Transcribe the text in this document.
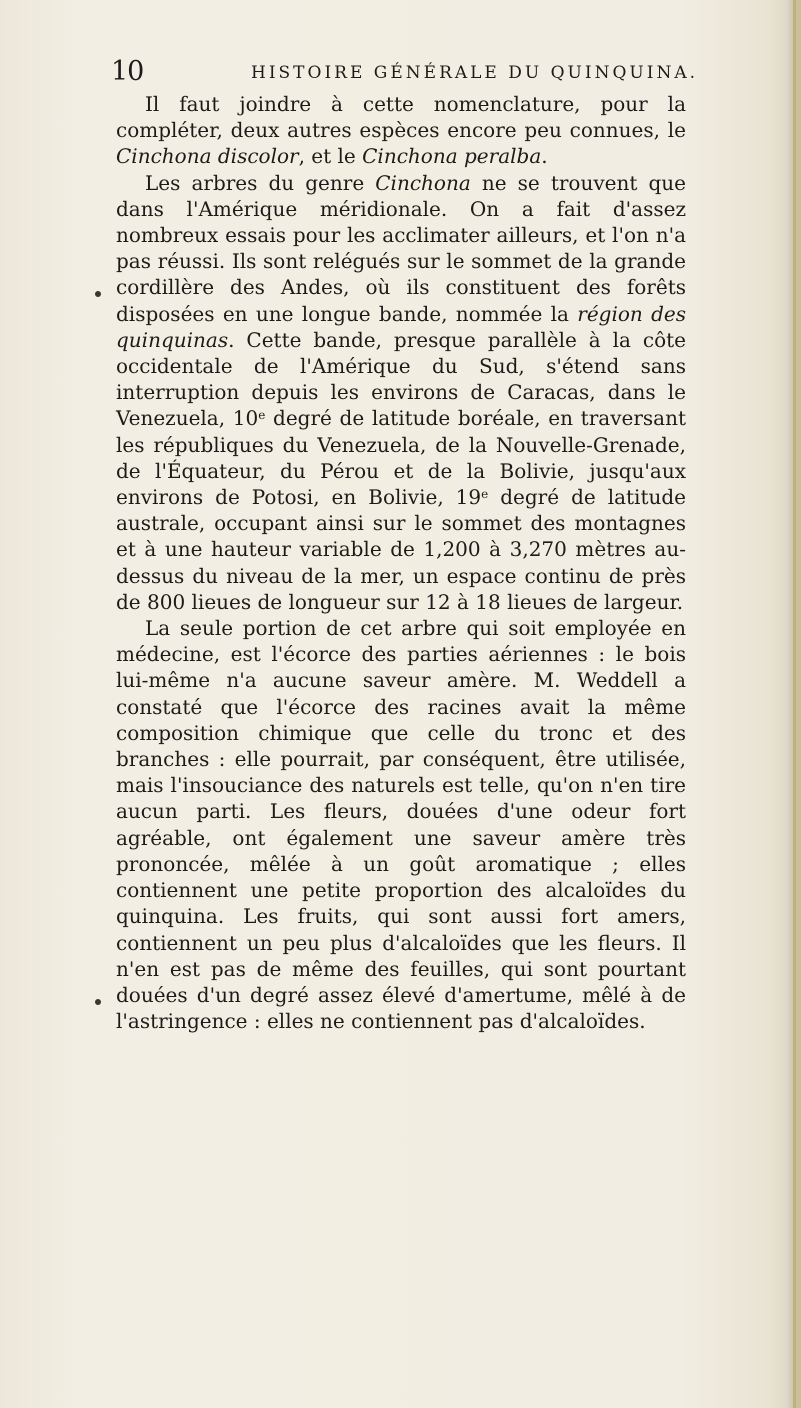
10	HISTOIRE GÉNÉRALE DU QUINQUINA.

Il faut joindre à cette nomenclature, pour la compléter, deux autres espèces encore peu connues, le Cinchona discolor, et le Cinchona peralba.

Les arbres du genre Cinchona ne se trouvent que dans l'Amérique méridionale. On a fait d'assez nombreux essais pour les acclimater ailleurs, et l'on n'a pas réussi. Ils sont relégués sur le sommet de la grande cordillère des Andes, où ils constituent des forêts disposées en une longue bande, nommée la région des quinquinas. Cette bande, presque parallèle à la côte occidentale de l'Amérique du Sud, s'étend sans interruption depuis les environs de Caracas, dans le Venezuela, 10e degré de latitude boréale, en traversant les républiques du Venezuela, de la Nouvelle-Grenade, de l'Équateur, du Pérou et de la Bolivie, jusqu'aux environs de Potosi, en Bolivie, 19e degré de latitude australe, occupant ainsi sur le sommet des montagnes et à une hauteur variable de 1,200 à 3,270 mètres au-dessus du niveau de la mer, un espace continu de près de 800 lieues de longueur sur 12 à 18 lieues de largeur.

La seule portion de cet arbre qui soit employée en médecine, est l'écorce des parties aériennes : le bois lui-même n'a aucune saveur amère. M. Weddell a constaté que l'écorce des racines avait la même composition chimique que celle du tronc et des branches : elle pourrait, par conséquent, être utilisée, mais l'insouciance des naturels est telle, qu'on n'en tire aucun parti. Les fleurs, douées d'une odeur fort agréable, ont également une saveur amère très prononcée, mêlée à un goût aromatique ; elles contiennent une petite proportion des alcaloïdes du quinquina. Les fruits, qui sont aussi fort amers, contiennent un peu plus d'alcaloïdes que les fleurs. Il n'en est pas de même des feuilles, qui sont pourtant douées d'un degré assez élevé d'amertume, mêlé à de l'astringence : elles ne contiennent pas d'alcaloïdes.
